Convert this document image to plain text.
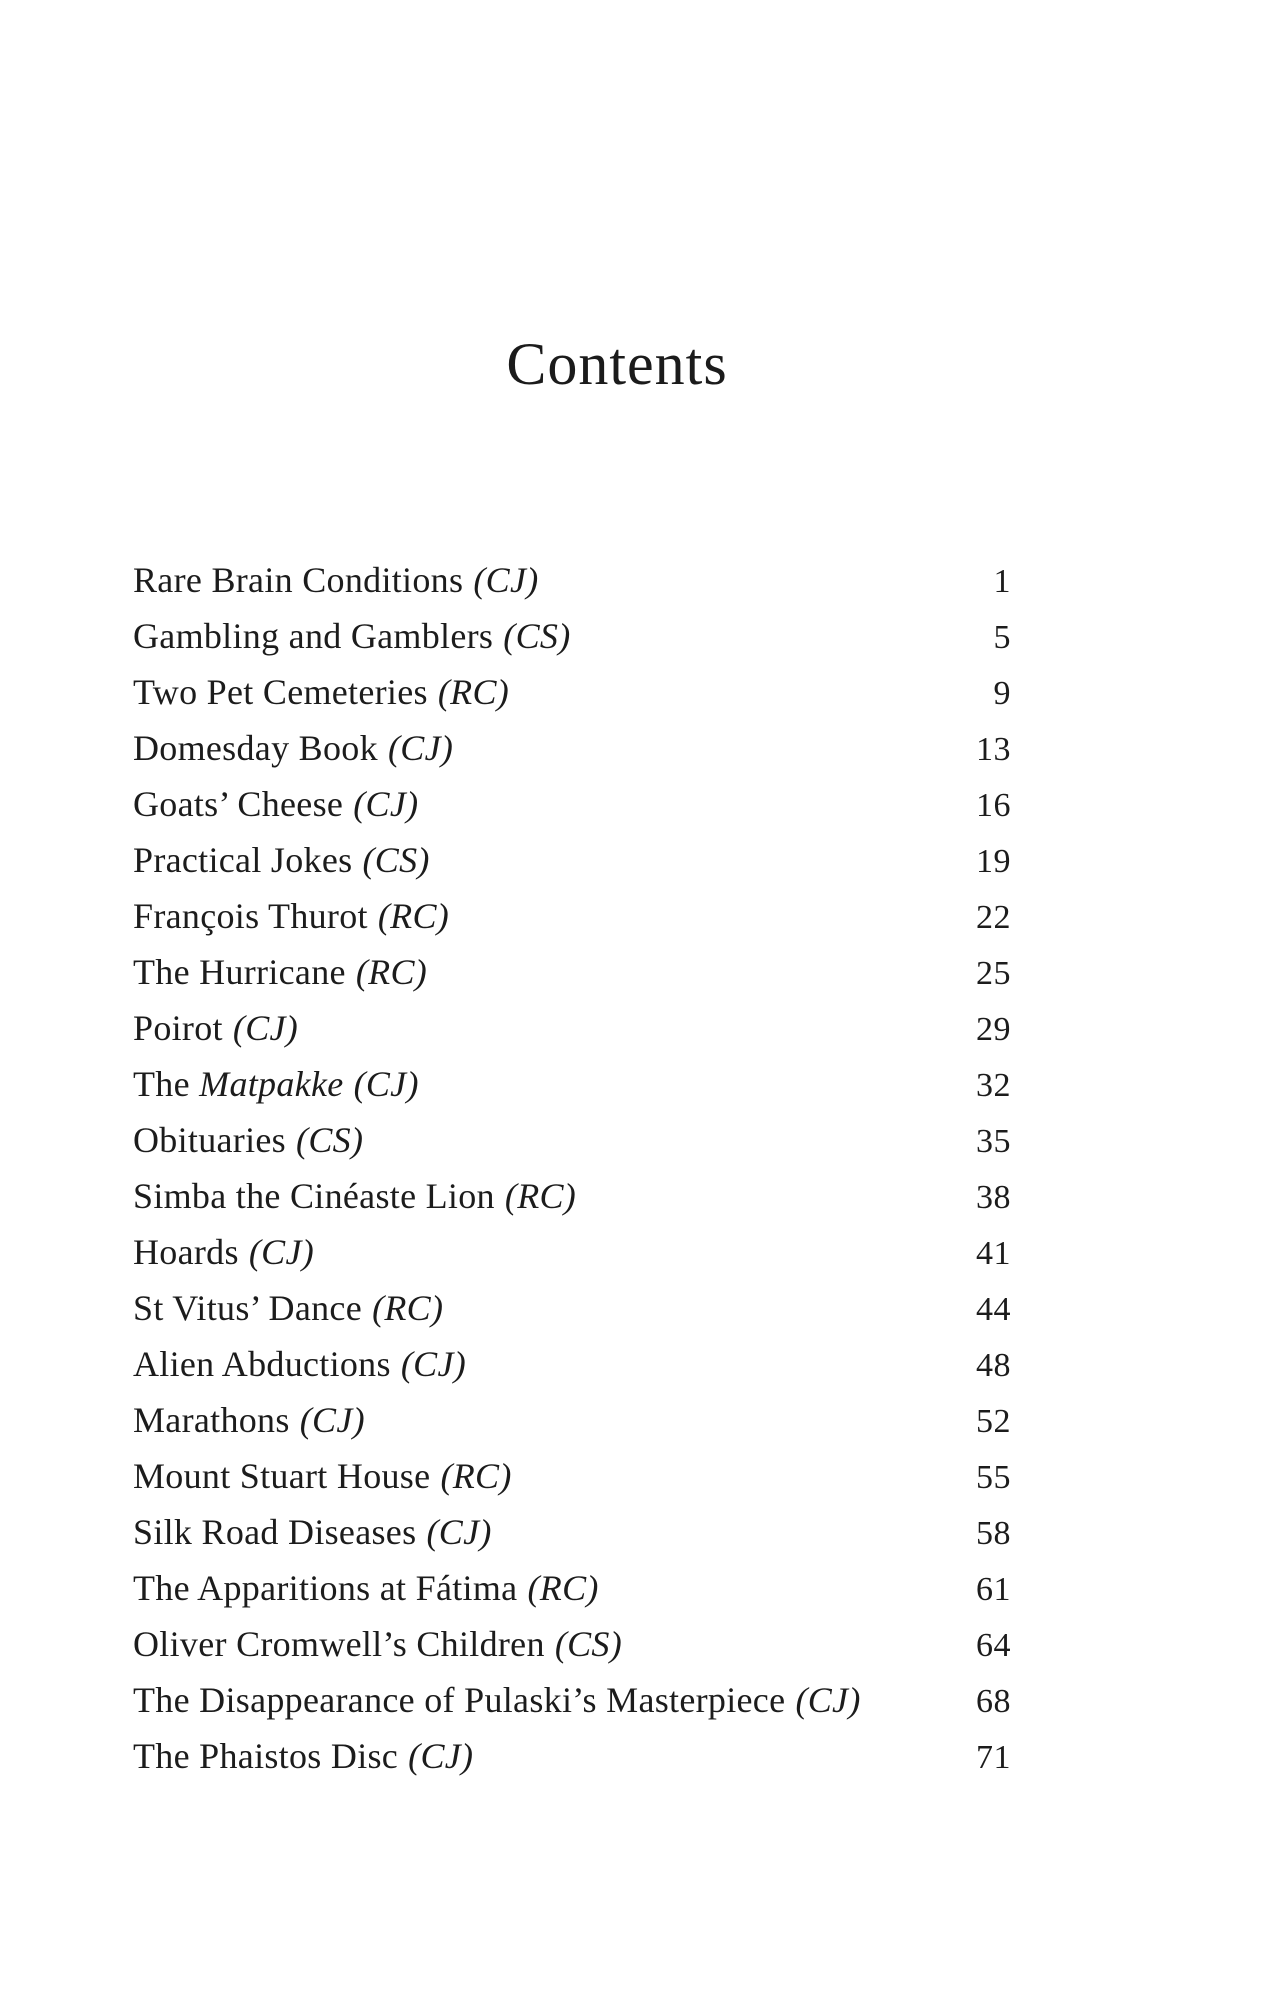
Contents
Rare Brain Conditions (CJ)	1
Gambling and Gamblers (CS)	5
Two Pet Cemeteries (RC)	9
Domesday Book (CJ)	13
Goats’ Cheese (CJ)	16
Practical Jokes (CS)	19
François Thurot (RC)	22
The Hurricane (RC)	25
Poirot (CJ)	29
The Matpakke (CJ)	32
Obituaries (CS)	35
Simba the Cinéaste Lion (RC)	38
Hoards (CJ)	41
St Vitus’ Dance (RC)	44
Alien Abductions (CJ)	48
Marathons (CJ)	52
Mount Stuart House (RC)	55
Silk Road Diseases (CJ)	58
The Apparitions at Fátima (RC)	61
Oliver Cromwell’s Children (CS)	64
The Disappearance of Pulaski’s Masterpiece (CJ)	68
The Phaistos Disc (CJ)	71
